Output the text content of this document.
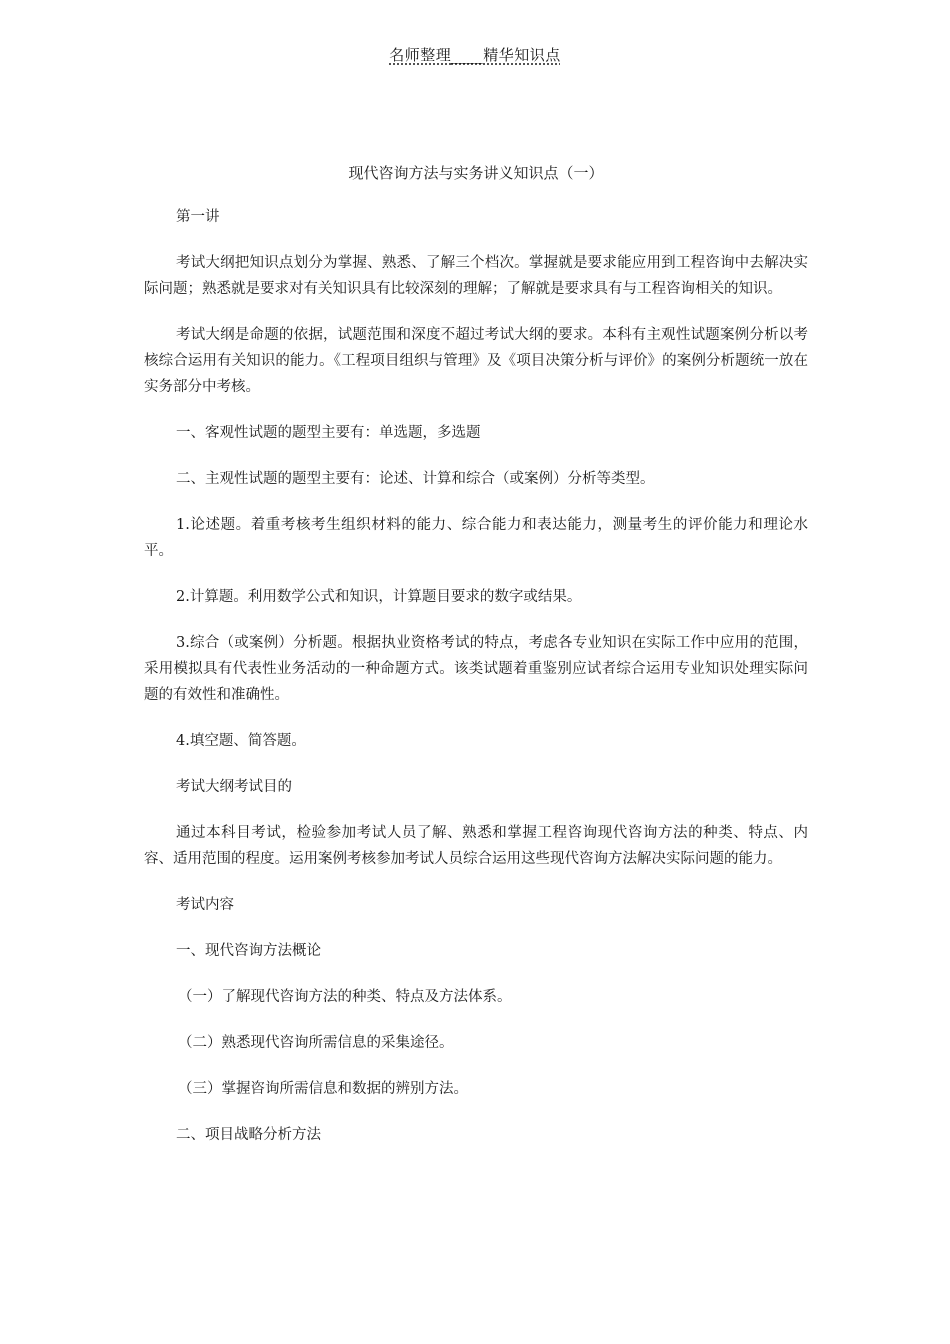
名师整理____精华知识点
现代咨询方法与实务讲义知识点（一）

第一讲

考试大纲把知识点划分为掌握、熟悉、了解三个档次。掌握就是要求能应用到工程咨询中去解决实际问题；熟悉就是要求对有关知识具有比较深刻的理解；了解就是要求具有与工程咨询相关的知识。

考试大纲是命题的依据，试题范围和深度不超过考试大纲的要求。本科有主观性试题案例分析以考核综合运用有关知识的能力。《工程项目组织与管理》及《项目决策分析与评价》的案例分析题统一放在实务部分中考核。

一、客观性试题的题型主要有：单选题，多选题

二、主观性试题的题型主要有：论述、计算和综合（或案例）分析等类型。

1.论述题。着重考核考生组织材料的能力、综合能力和表达能力，测量考生的评价能力和理论水平。

2.计算题。利用数学公式和知识，计算题目要求的数字或结果。

3.综合（或案例）分析题。根据执业资格考试的特点，考虑各专业知识在实际工作中应用的范围，采用模拟具有代表性业务活动的一种命题方式。该类试题着重鉴别应试者综合运用专业知识处理实际问题的有效性和准确性。

4.填空题、简答题。

考试大纲考试目的

通过本科目考试，检验参加考试人员了解、熟悉和掌握工程咨询现代咨询方法的种类、特点、内容、适用范围的程度。运用案例考核参加考试人员综合运用这些现代咨询方法解决实际问题的能力。

考试内容

一、现代咨询方法概论

（一）了解现代咨询方法的种类、特点及方法体系。

（二）熟悉现代咨询所需信息的采集途径。

（三）掌握咨询所需信息和数据的辨别方法。

二、项目战略分析方法
